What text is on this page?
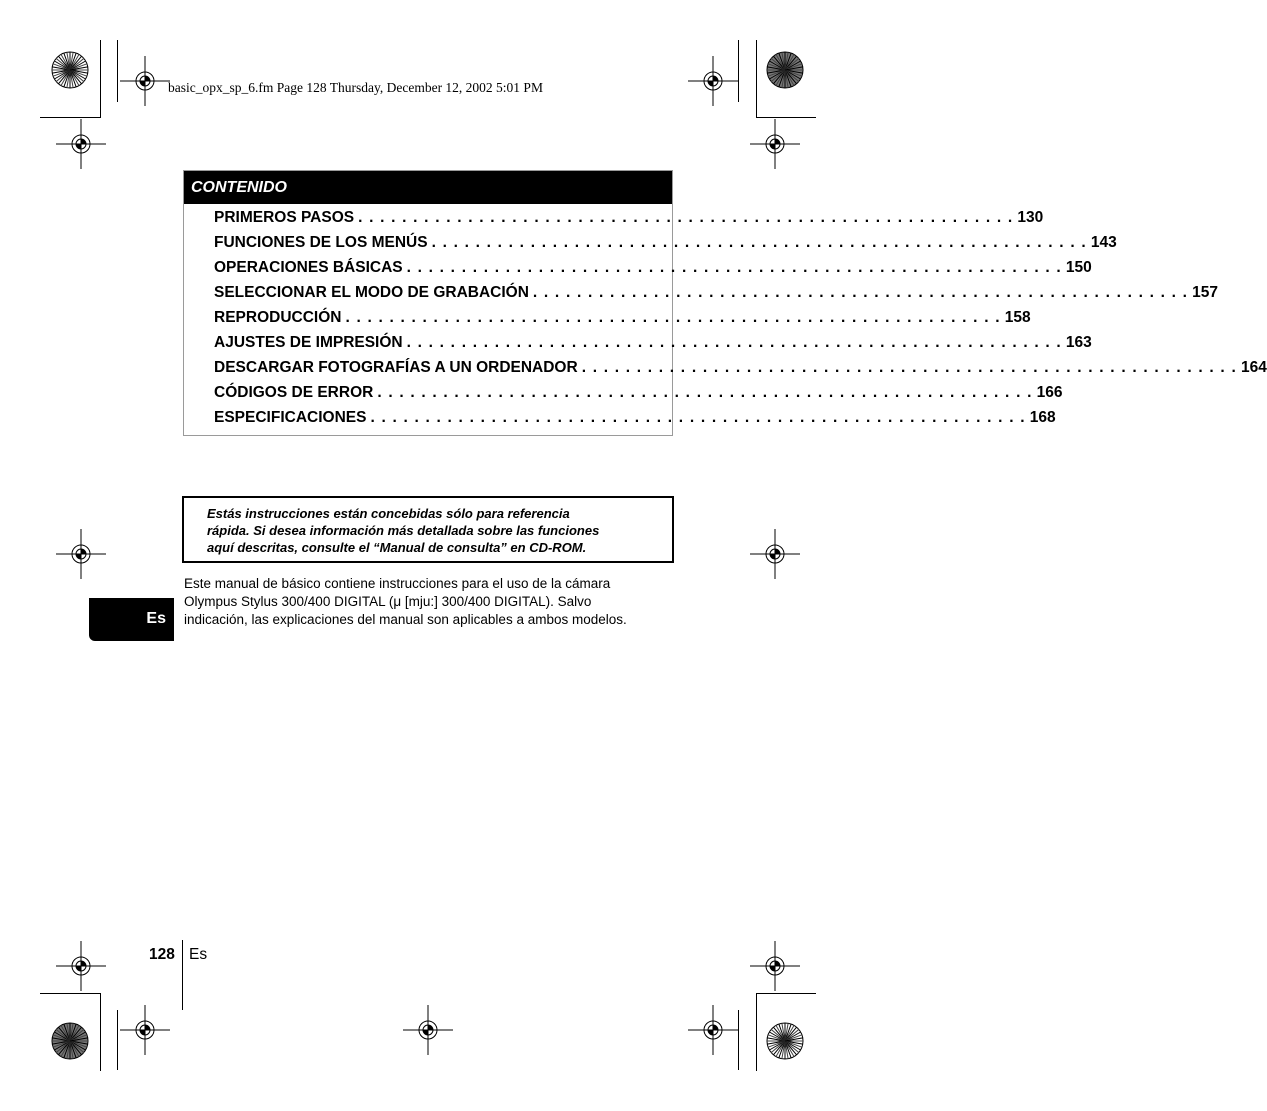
basic_opx_sp_6.fm Page 128 Thursday, December 12, 2002 5:01 PM
CONTENIDO
PRIMEROS PASOS . . . . . . . . . . . . . . . . . . . . . . . . . . . . . . . . . . . . . . . . . . . . . . . . . . . . . . . . . . . . 130
FUNCIONES DE LOS MENÚS . . . . . . . . . . . . . . . . . . . . . . . . . . . . . . . . . . . . . . . . . . . . . . . . . . . . . . . . . . . . 143
OPERACIONES BÁSICAS . . . . . . . . . . . . . . . . . . . . . . . . . . . . . . . . . . . . . . . . . . . . . . . . . . . . . . . . . . . . 150
SELECCIONAR EL MODO DE GRABACIÓN . . . . . . . . . . . . . . . . . . . . . . . . . . . . . . . . . . . . . . . . . . . . . . . . . . . . . . . . . . . . 157
REPRODUCCIÓN . . . . . . . . . . . . . . . . . . . . . . . . . . . . . . . . . . . . . . . . . . . . . . . . . . . . . . . . . . . . 158
AJUSTES DE IMPRESIÓN . . . . . . . . . . . . . . . . . . . . . . . . . . . . . . . . . . . . . . . . . . . . . . . . . . . . . . . . . . . . 163
DESCARGAR FOTOGRAFÍAS A UN ORDENADOR . . . . . . . . . . . . . . . . . . . . . . . . . . . . . . . . . . . . . . . . . . . . . . . . . . . . . . . . . . . . 164
CÓDIGOS DE ERROR . . . . . . . . . . . . . . . . . . . . . . . . . . . . . . . . . . . . . . . . . . . . . . . . . . . . . . . . . . . . 166
ESPECIFICACIONES . . . . . . . . . . . . . . . . . . . . . . . . . . . . . . . . . . . . . . . . . . . . . . . . . . . . . . . . . . . . 168
Estás instrucciones están concebidas sólo para referencia
rápida. Si desea información más detallada sobre las funciones
aquí descritas, consulte el “Manual de consulta” en CD-ROM.
Este manual de básico contiene instrucciones para el uso de la cámara
Olympus Stylus 300/400 DIGITAL (μ [mju:] 300/400 DIGITAL). Salvo
indicación, las explicaciones del manual son aplicables a ambos modelos.
Es
128 Es
